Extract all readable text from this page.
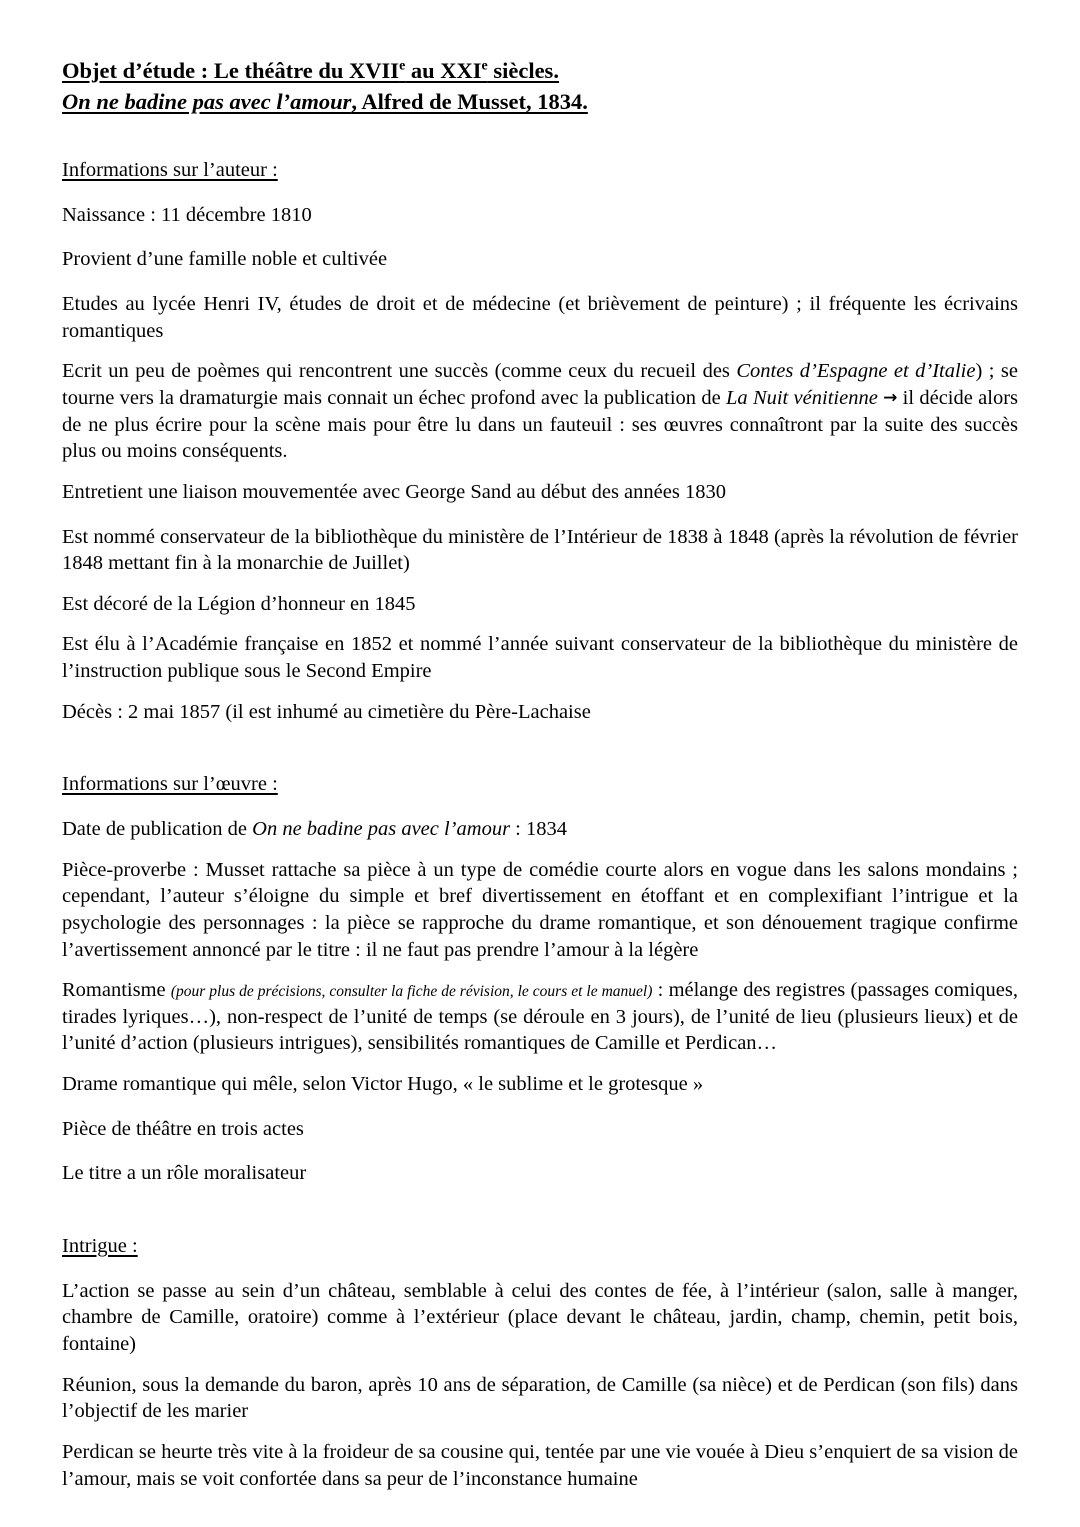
Objet d’étude : Le théâtre du XVIIe au XXIe siècles.
On ne badine pas avec l’amour, Alfred de Musset, 1834.
Informations sur l’auteur :

Naissance : 11 décembre 1810

Provient d’une famille noble et cultivée

Etudes au lycée Henri IV, études de droit et de médecine (et brièvement de peinture) ; il fréquente les écrivains romantiques

Ecrit un peu de poèmes qui rencontrent une succès (comme ceux du recueil des Contes d’Espagne et d’Italie) ; se tourne vers la dramaturgie mais connait un échec profond avec la publication de La Nuit vénitienne → il décide alors de ne plus écrire pour la scène mais pour être lu dans un fauteuil : ses œuvres connaîtront par la suite des succès plus ou moins conséquents.

Entretient une liaison mouvementée avec George Sand au début des années 1830

Est nommé conservateur de la bibliothèque du ministère de l’Intérieur de 1838 à 1848 (après la révolution de février 1848 mettant fin à la monarchie de Juillet)

Est décoré de la Légion d’honneur en 1845

Est élu à l’Académie française en 1852 et nommé l’année suivant conservateur de la bibliothèque du ministère de l’instruction publique sous le Second Empire

Décès : 2 mai 1857 (il est inhumé au cimetière du Père-Lachaise

Informations sur l’œuvre :

Date de publication de On ne badine pas avec l’amour : 1834

Pièce-proverbe : Musset rattache sa pièce à un type de comédie courte alors en vogue dans les salons mondains ; cependant, l’auteur s’éloigne du simple et bref divertissement en étoffant et en complexifiant l’intrigue et la psychologie des personnages : la pièce se rapproche du drame romantique, et son dénouement tragique confirme l’avertissement annoncé par le titre : il ne faut pas prendre l’amour à la légère

Romantisme (pour plus de précisions, consulter la fiche de révision, le cours et le manuel) : mélange des registres (passages comiques, tirades lyriques…), non-respect de l’unité de temps (se déroule en 3 jours), de l’unité de lieu (plusieurs lieux) et de l’unité d’action (plusieurs intrigues), sensibilités romantiques de Camille et Perdican…

Drame romantique qui mêle, selon Victor Hugo, « le sublime et le grotesque »

Pièce de théâtre en trois actes

Le titre a un rôle moralisateur

Intrigue :

L’action se passe au sein d’un château, semblable à celui des contes de fée, à l’intérieur (salon, salle à manger, chambre de Camille, oratoire) comme à l’extérieur (place devant le château, jardin, champ, chemin, petit bois, fontaine)

Réunion, sous la demande du baron, après 10 ans de séparation, de Camille (sa nièce) et de Perdican (son fils) dans l’objectif de les marier

Perdican se heurte très vite à la froideur de sa cousine qui, tentée par une vie vouée à Dieu s’enquiert de sa vision de l’amour, mais se voit confortée dans sa peur de l’inconstance humaine
